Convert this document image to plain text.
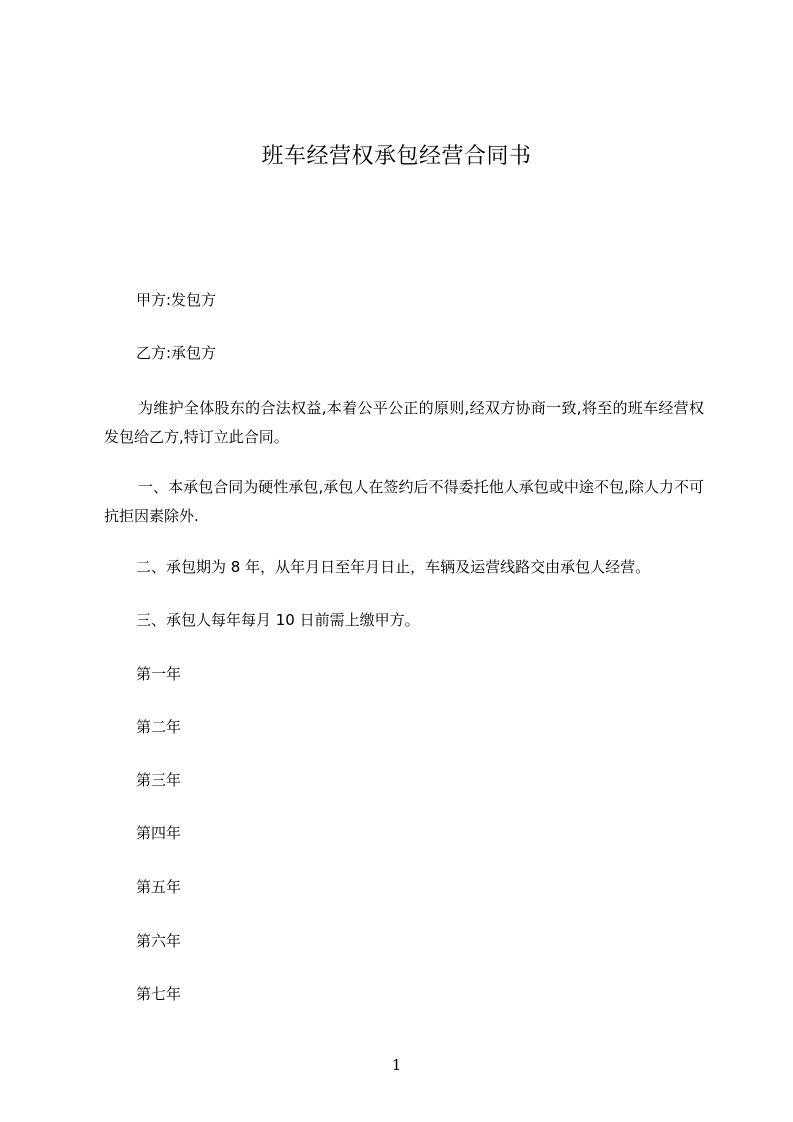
班车经营权承包经营合同书
甲方:发包方
乙方:承包方
为维护全体股东的合法权益,本着公平公正的原则,经双方协商一致,将至的班车经营权发包给乙方,特订立此合同。
一、本承包合同为硬性承包,承包人在签约后不得委托他人承包或中途不包,除人力不可抗拒因素除外.
二、承包期为 8 年，从年月日至年月日止，车辆及运营线路交由承包人经营。
三、承包人每年每月 10 日前需上缴甲方。
第一年
第二年
第三年
第四年
第五年
第六年
第七年
1
